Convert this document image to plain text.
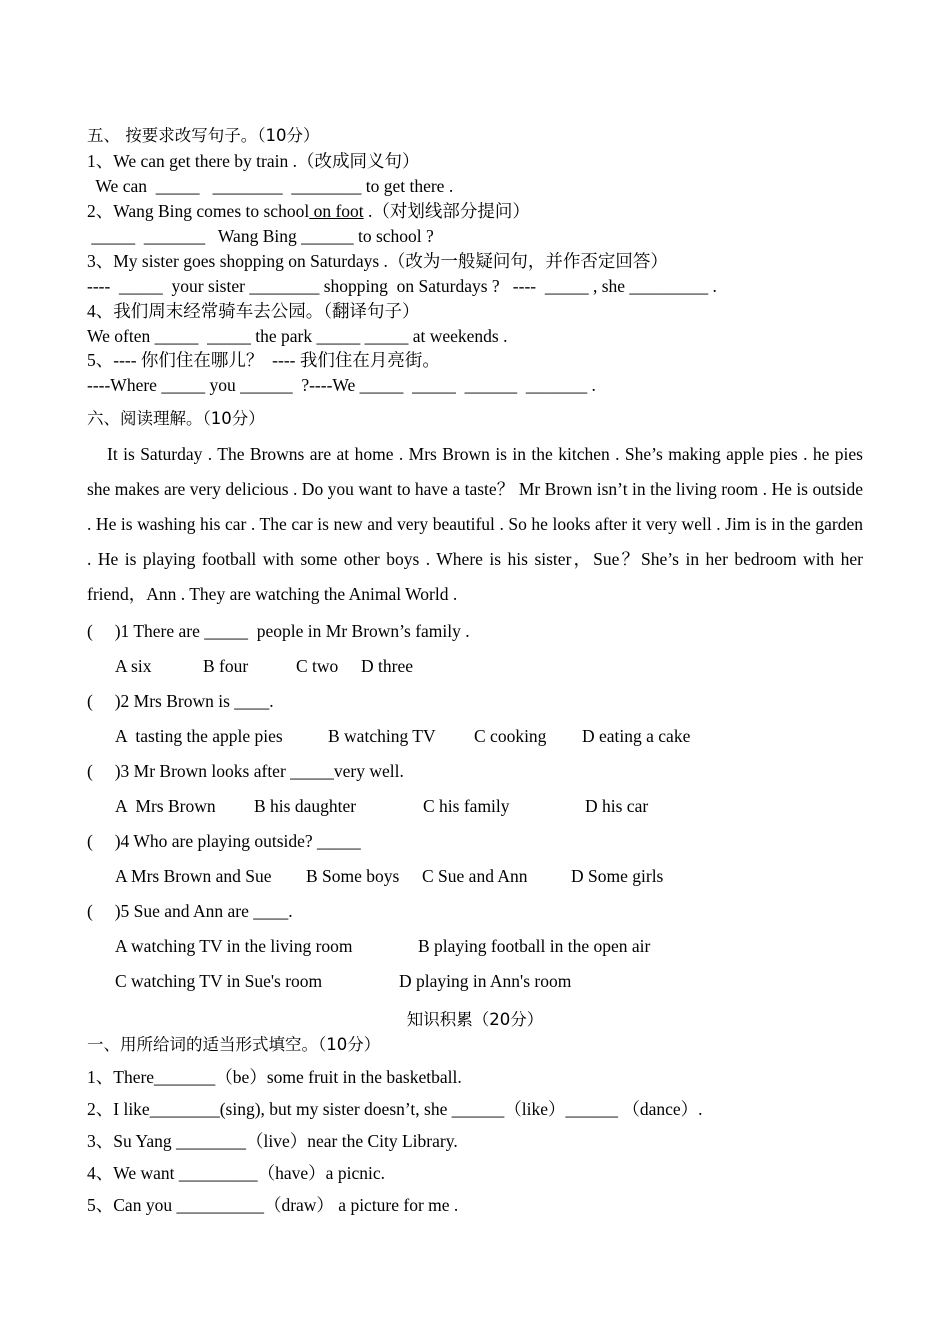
五、 按要求改写句子。（10分）
1、We can get there by train .（改成同义句）
We can  _____   ________  ________ to get there .
2、Wang Bing comes to school on foot .（对划线部分提问）
_____  _______   Wang Bing ______ to school ?
3、My sister goes shopping on Saturdays .（改为一般疑问句，并作否定回答）
----  _____  your sister ________ shopping  on Saturdays ?   ----  _____ , she _________ .
4、我们周末经常骑车去公园。（翻译句子）
We often _____  _____ the park _____ _____ at weekends .
5、---- 你们住在哪儿？  ---- 我们住在月亮街。
----Where _____ you ______  ?----We _____  _____  ______  _______ .
六、阅读理解。（10分）
It is Saturday . The Browns are at home . Mrs Brown is in the kitchen . She’s making apple pies . he pies she makes are very delicious . Do you want to have a taste？ Mr Brown isn’t in the living room . He is outside . He is washing his car . The car is new and very beautiful . So he looks after it very well . Jim is in the garden . He is playing football with some other boys . Where is his sister，Sue？She’s in her bedroom with her friend，Ann . They are watching the Animal World .
(     )1 There are _____  people in Mr Brown’s family .
A six	B four	C two D three
(     )2 Mrs Brown is ____.
A  tasting the apple pies	B watching TV C cooking D eating a cake
(     )3 Mr Brown looks after _____very well.
A  Mrs Brown B his daughter	C his family	D his car
(     )4 Who are playing outside? _____
A Mrs Brown and Sue B Some boys C Sue and Ann D Some girls
(     )5 Sue and Ann are ____.
A watching TV in the living room	B playing football in the open air
C watching TV in Sue's room	D playing in Ann's room
知识积累（20分）
一、用所给词的适当形式填空。（10分）
1、There_______（be）some fruit in the basketball.
2、I like________(sing), but my sister doesn’t, she ______（like）______ （dance）.
3、Su Yang ________（live）near the City Library.
4、We want _________（have）a picnic.
5、Can you __________（draw） a picture for me .
